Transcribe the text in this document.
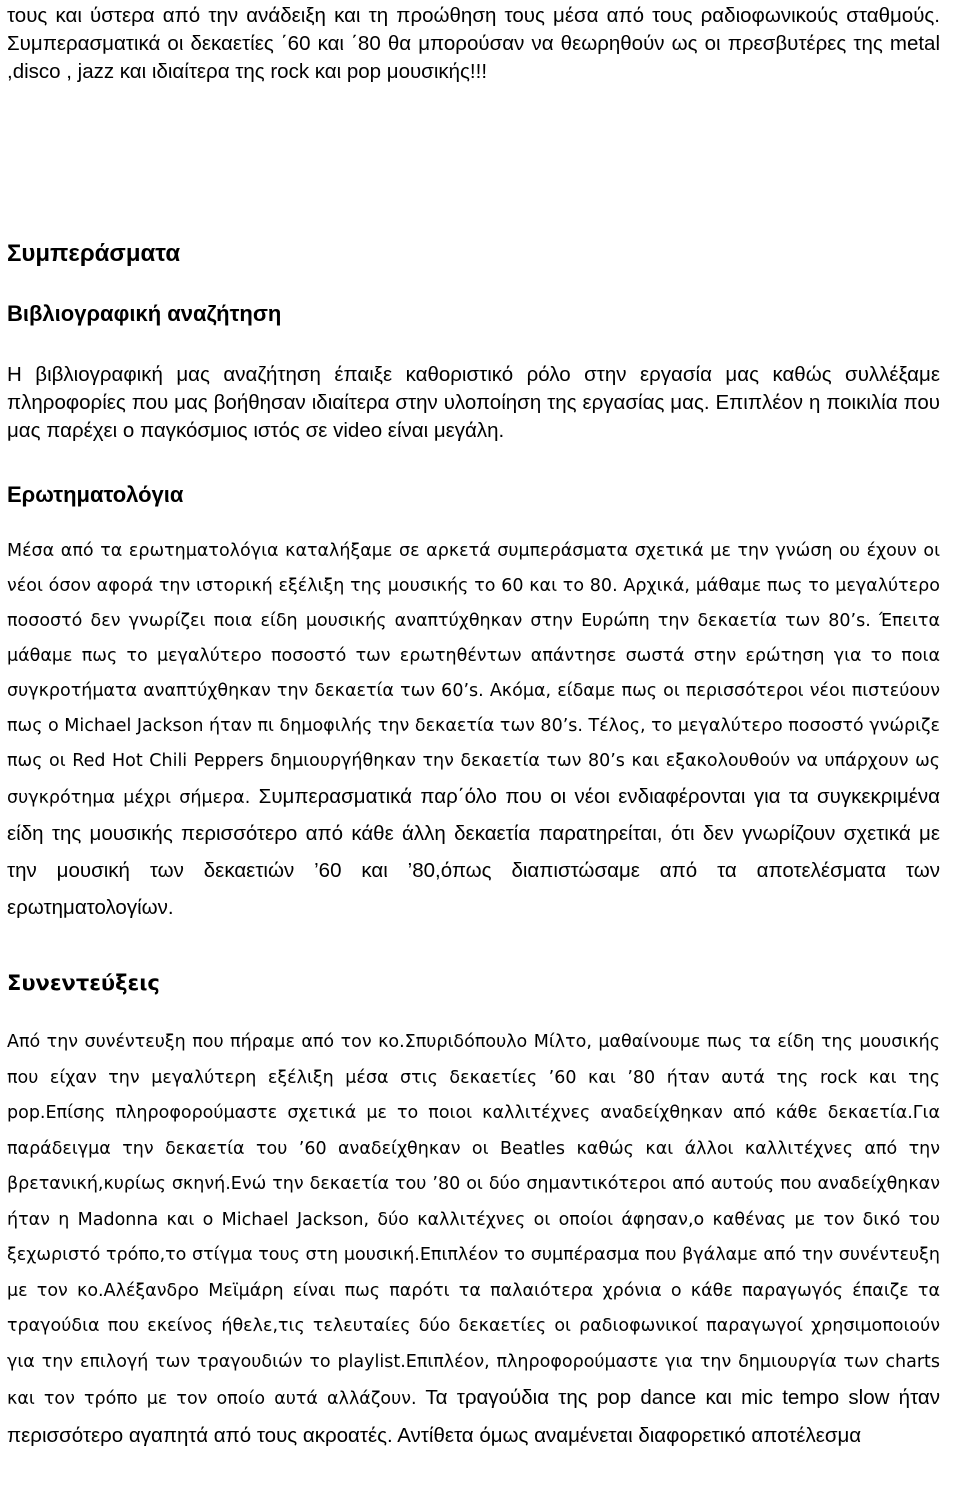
τους και ύστερα από την ανάδειξη και τη προώθηση τους μέσα από τους ραδιοφωνικούς σταθμούς. Συμπερασματικά οι δεκαετίες ΄60 και ΄80 θα μπορούσαν να θεωρηθούν ως οι πρεσβυτέρες της metal ,disco , jazz και ιδιαίτερα της rock και pop μουσικής!!!

Συμπεράσματα
Βιβλιογραφική αναζήτηση

Η βιβλιογραφική μας αναζήτηση έπαιξε καθοριστικό ρόλο στην εργασία μας καθώς συλλέξαμε πληροφορίες που μας βοήθησαν ιδιαίτερα στην υλοποίηση της εργασίας μας. Επιπλέον η ποικιλία που μας παρέχει ο παγκόσμιος ιστός σε video είναι μεγάλη.

Ερωτηματολόγια

Μέσα από τα ερωτηματολόγια καταλήξαμε σε αρκετά συμπεράσματα σχετικά με την γνώση ου έχουν οι νέοι όσον αφορά την ιστορική εξέλιξη της μουσικής το 60 και το 80. Αρχικά, μάθαμε πως το μεγαλύτερο ποσοστό δεν γνωρίζει ποια είδη μουσικής αναπτύχθηκαν στην Ευρώπη την δεκαετία των 80’s. Έπειτα μάθαμε πως το μεγαλύτερο ποσοστό των ερωτηθέντων απάντησε σωστά στην ερώτηση για το ποια συγκροτήματα αναπτύχθηκαν την δεκαετία των 60’s. Ακόμα, είδαμε πως οι περισσότεροι νέοι πιστεύουν πως ο Michael Jackson ήταν πι δημοφιλής την δεκαετία των 80’s. Τέλος, το μεγαλύτερο ποσοστό γνώριζε πως οι Red Hot Chili Peppers δημιουργήθηκαν την δεκαετία των 80’s και εξακολουθούν να υπάρχουν ως συγκρότημα μέχρι σήμερα. Συμπερασματικά παρ΄όλο που οι νέοι ενδιαφέρονται για τα συγκεκριμένα είδη της μουσικής περισσότερο από κάθε άλλη δεκαετία παρατηρείται, ότι δεν γνωρίζουν σχετικά με την μουσική των δεκαετιών ’60 και ’80,όπως διαπιστώσαμε από τα αποτελέσματα των ερωτηματολογίων.

Συνεντεύξεις

Από την συνέντευξη που πήραμε από τον κο.Σπυριδόπουλο Μίλτο, μαθαίνουμε πως τα είδη της μουσικής που είχαν την μεγαλύτερη εξέλιξη μέσα στις δεκαετίες ’60 και ’80 ήταν αυτά της rock και της pop.Επίσης πληροφορούμαστε σχετικά με το ποιοι καλλιτέχνες αναδείχθηκαν από κάθε δεκαετία.Για παράδειγμα την δεκαετία του ’60 αναδείχθηκαν οι Beatles καθώς και άλλοι καλλιτέχνες από την βρετανική,κυρίως σκηνή.Ενώ την δεκαετία του ’80 οι δύο σημαντικότεροι από αυτούς που αναδείχθηκαν ήταν η Madonna και ο Michael Jackson, δύο καλλιτέχνες οι οποίοι άφησαν,ο καθένας με τον δικό του ξεχωριστό τρόπο,το στίγμα τους στη μουσική.Επιπλέον το συμπέρασμα που βγάλαμε από την συνέντευξη με τον κο.Αλέξανδρο Μεϊμάρη είναι πως παρότι τα παλαιότερα χρόνια ο κάθε παραγωγός έπαιζε τα τραγούδια που εκείνος ήθελε,τις τελευταίες δύο δεκαετίες οι ραδιοφωνικοί παραγωγοί χρησιμοποιούν για την επιλογή των τραγουδιών το playlist.Επιπλέον, πληροφορούμαστε για την δημιουργία των charts και τον τρόπο με τον οποίο αυτά αλλάζουν. Τα τραγούδια της pop dance και mic tempo slow ήταν περισσότερο αγαπητά από τους ακροατές. Αντίθετα όμως αναμένεται διαφορετικό αποτέλεσμα
